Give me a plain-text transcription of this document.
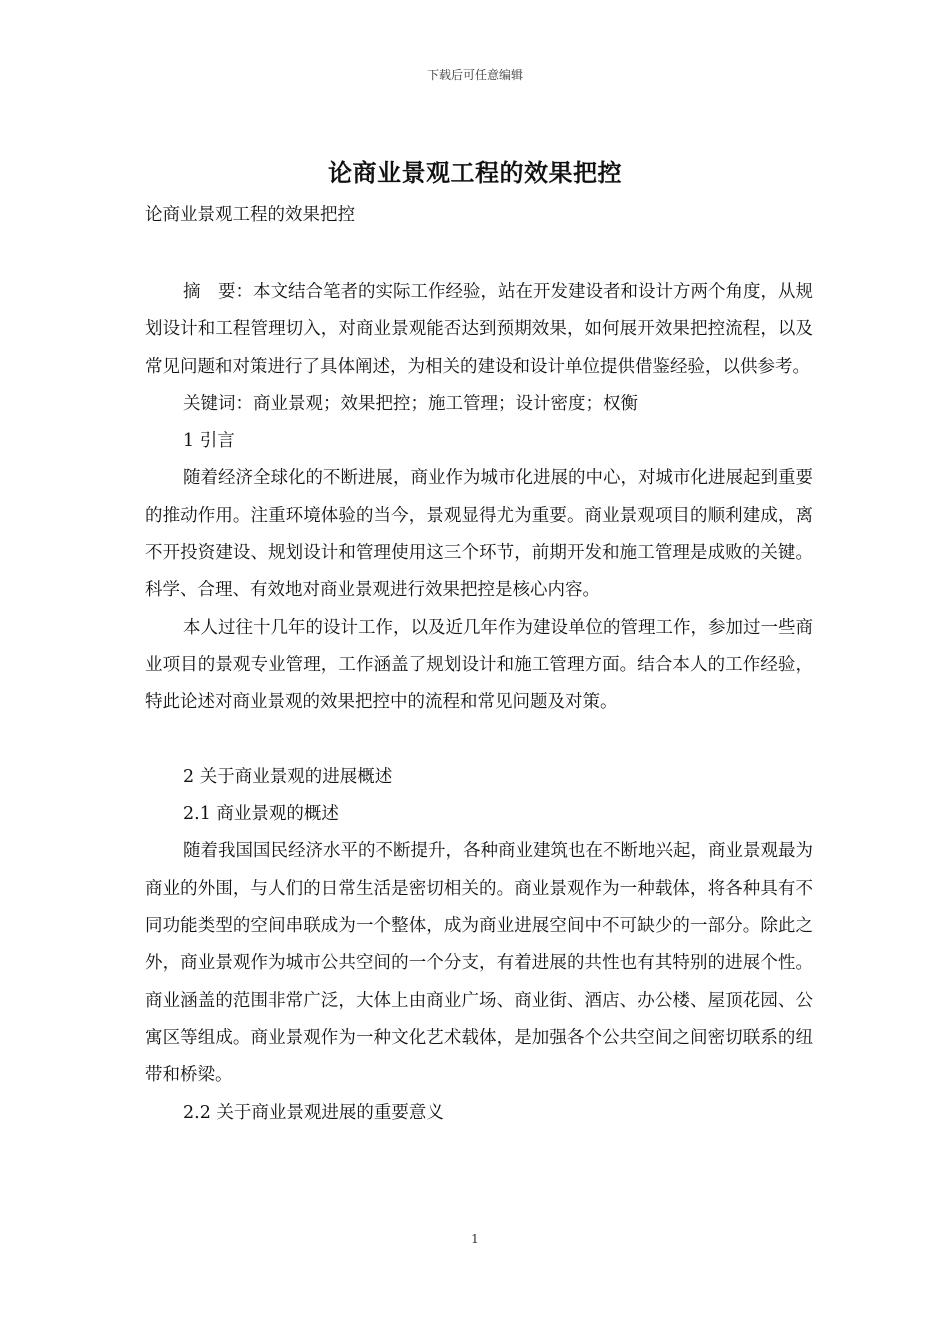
下载后可任意编辑
论商业景观工程的效果把控
论商业景观工程的效果把控

摘　要：本文结合笔者的实际工作经验，站在开发建设者和设计方两个角度，从规划设计和工程管理切入，对商业景观能否达到预期效果，如何展开效果把控流程，以及常见问题和对策进行了具体阐述，为相关的建设和设计单位提供借鉴经验，以供参考。

关键词：商业景观；效果把控；施工管理；设计密度；权衡

1 引言

随着经济全球化的不断进展，商业作为城市化进展的中心，对城市化进展起到重要的推动作用。注重环境体验的当今，景观显得尤为重要。商业景观项目的顺利建成，离不开投资建设、规划设计和管理使用这三个环节，前期开发和施工管理是成败的关键。科学、合理、有效地对商业景观进行效果把控是核心内容。

本人过往十几年的设计工作，以及近几年作为建设单位的管理工作，参加过一些商业项目的景观专业管理，工作涵盖了规划设计和施工管理方面。结合本人的工作经验，特此论述对商业景观的效果把控中的流程和常见问题及对策。

2 关于商业景观的进展概述

2.1 商业景观的概述

随着我国国民经济水平的不断提升，各种商业建筑也在不断地兴起，商业景观最为商业的外围，与人们的日常生活是密切相关的。商业景观作为一种载体，将各种具有不同功能类型的空间串联成为一个整体，成为商业进展空间中不可缺少的一部分。除此之外，商业景观作为城市公共空间的一个分支，有着进展的共性也有其特别的进展个性。商业涵盖的范围非常广泛，大体上由商业广场、商业街、酒店、办公楼、屋顶花园、公寓区等组成。商业景观作为一种文化艺术载体，是加强各个公共空间之间密切联系的纽带和桥梁。

2.2 关于商业景观进展的重要意义

1
